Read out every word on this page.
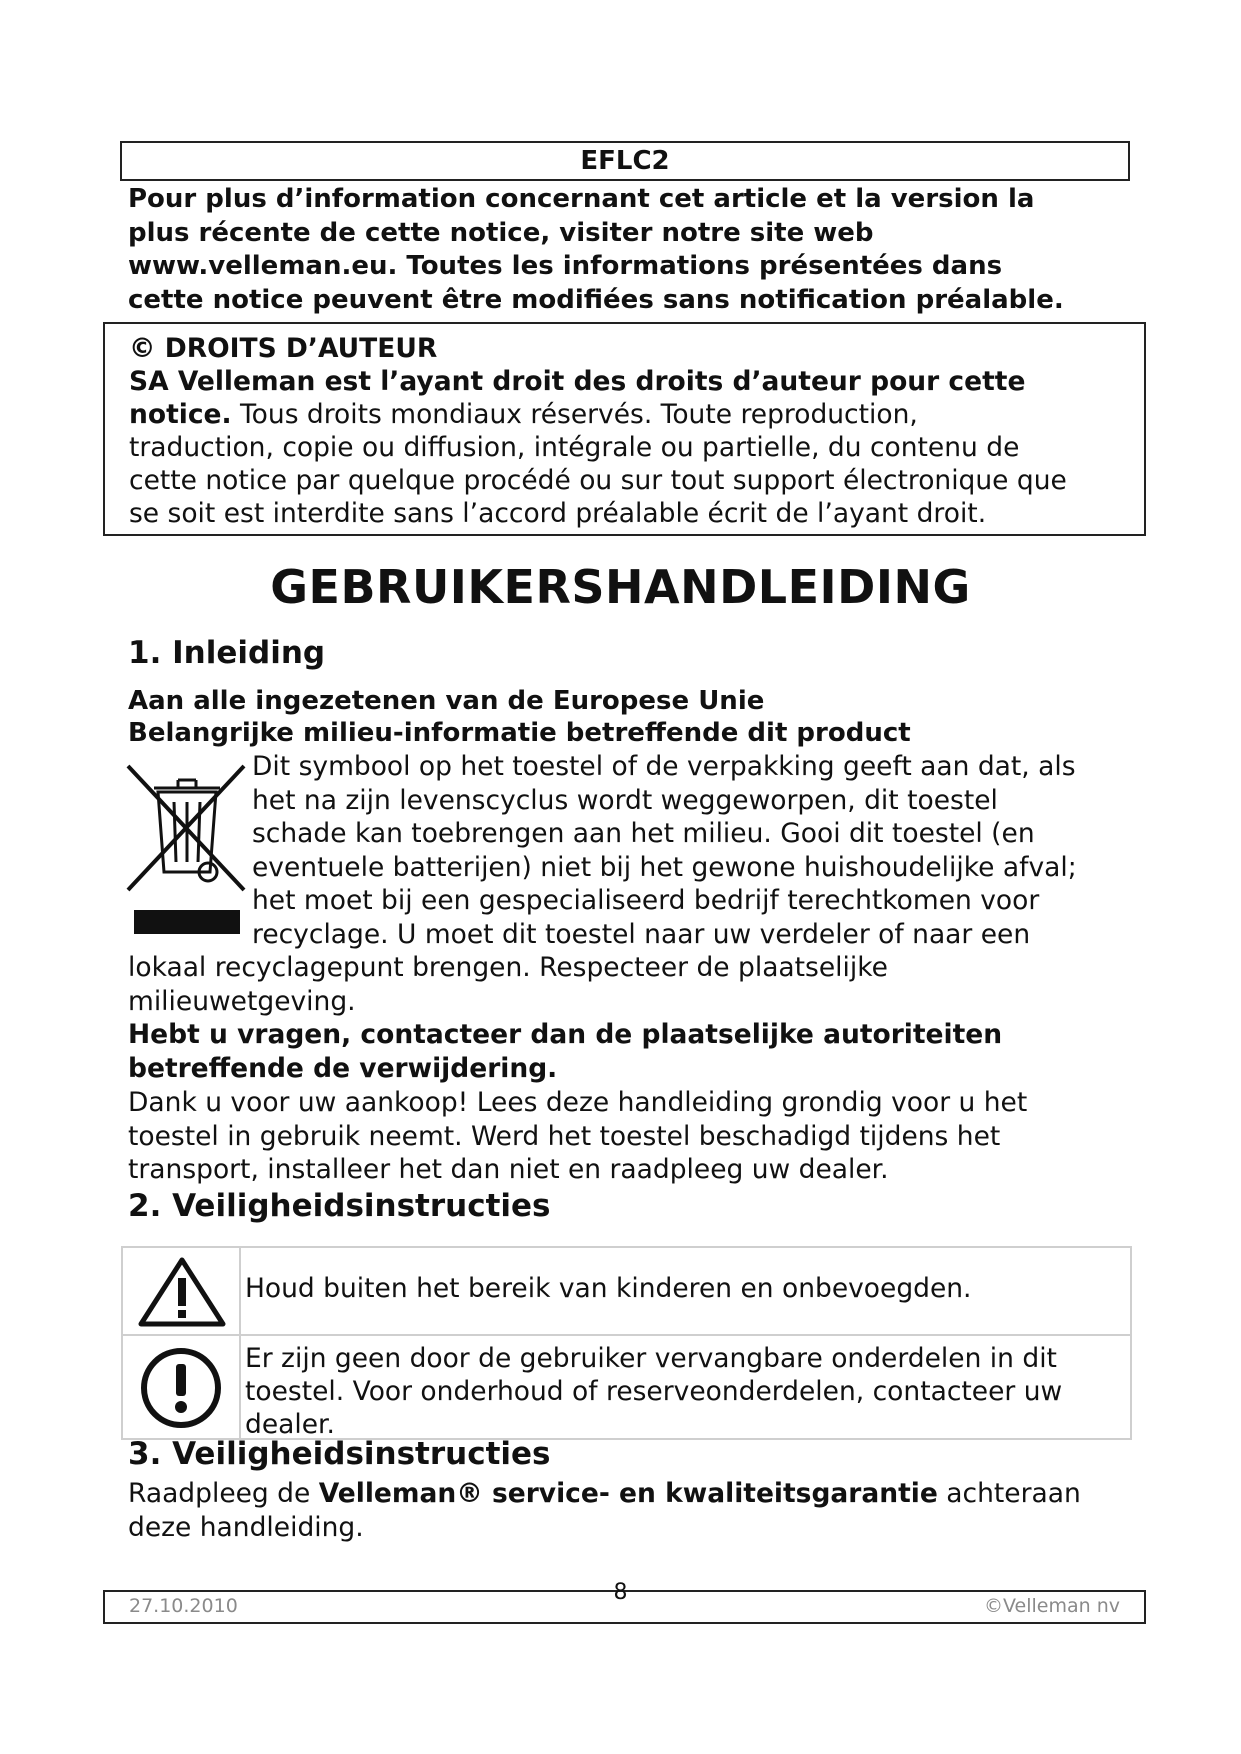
EFLC2

Pour plus d’information concernant cet article et la version la

plus récente de cette notice, visiter notre site web

www.velleman.eu. Toutes les informations présentées dans

cette notice peuvent être modifiées sans notification préalable.

© DROITS D’AUTEUR

SA Velleman est l’ayant droit des droits d’auteur pour cette

notice. Tous droits mondiaux réservés. Toute reproduction,

traduction, copie ou diffusion, intégrale ou partielle, du contenu de

cette notice par quelque procédé ou sur tout support électronique que

se soit est interdite sans l’accord préalable écrit de l’ayant droit.

GEBRUIKERSHANDLEIDING
1. Inleiding
Aan alle ingezetenen van de Europese Unie
Belangrijke milieu-informatie betreffende dit product
Dit symbool op het toestel of de verpakking geeft aan dat, als
het na zijn levenscyclus wordt weggeworpen, dit toestel
schade kan toebrengen aan het milieu. Gooi dit toestel (en
eventuele batterijen) niet bij het gewone huishoudelijke afval;
het moet bij een gespecialiseerd bedrijf terechtkomen voor
recyclage. U moet dit toestel naar uw verdeler of naar een
lokaal recyclagepunt brengen. Respecteer de plaatselijke
milieuwetgeving.
Hebt u vragen, contacteer dan de plaatselijke autoriteiten
betreffende de verwijdering.
Dank u voor uw aankoop! Lees deze handleiding grondig voor u het
toestel in gebruik neemt. Werd het toestel beschadigd tijdens het
transport, installeer het dan niet en raadpleeg uw dealer.
2. Veiligheidsinstructies
Houd buiten het bereik van kinderen en onbevoegden.
Er zijn geen door de gebruiker vervangbare onderdelen in dit
toestel. Voor onderhoud of reserveonderdelen, contacteer uw
dealer.
3. Veiligheidsinstructies
Raadpleeg de Velleman® service- en kwaliteitsgarantie achteraan
deze handleiding.
27.10.2010	©Velleman nv
8
